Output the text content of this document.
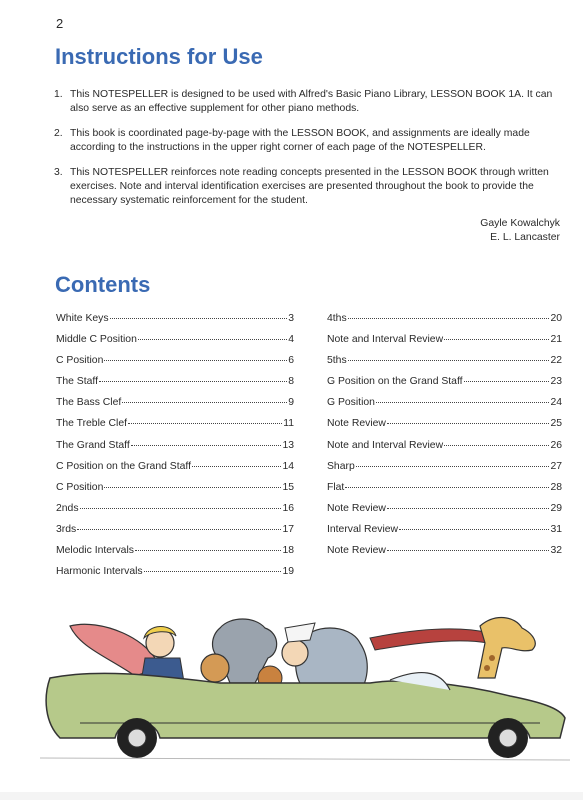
2
Instructions for Use
1. This NOTESPELLER is designed to be used with Alfred's Basic Piano Library, LESSON BOOK 1A. It can also serve as an effective supplement for other piano methods.
2. This book is coordinated page-by-page with the LESSON BOOK, and assignments are ideally made according to the instructions in the upper right corner of each page of the NOTESPELLER.
3. This NOTESPELLER reinforces note reading concepts presented in the LESSON BOOK through written exercises. Note and interval identification exercises are presented throughout the book to provide the necessary systematic reinforcement for the student.
Gayle Kowalchyk
E. L. Lancaster
Contents
White Keys	3
Middle C Position	4
C Position	6
The Staff	8
The Bass Clef	9
The Treble Clef	11
The Grand Staff	13
C Position on the Grand Staff	14
C Position	15
2nds	16
3rds	17
Melodic Intervals	18
Harmonic Intervals	19
4ths	20
Note and Interval Review	21
5ths	22
G Position on the Grand Staff	23
G Position	24
Note Review	25
Note and Interval Review	26
Sharp	27
Flat	28
Note Review	29
Interval Review	31
Note Review	32
